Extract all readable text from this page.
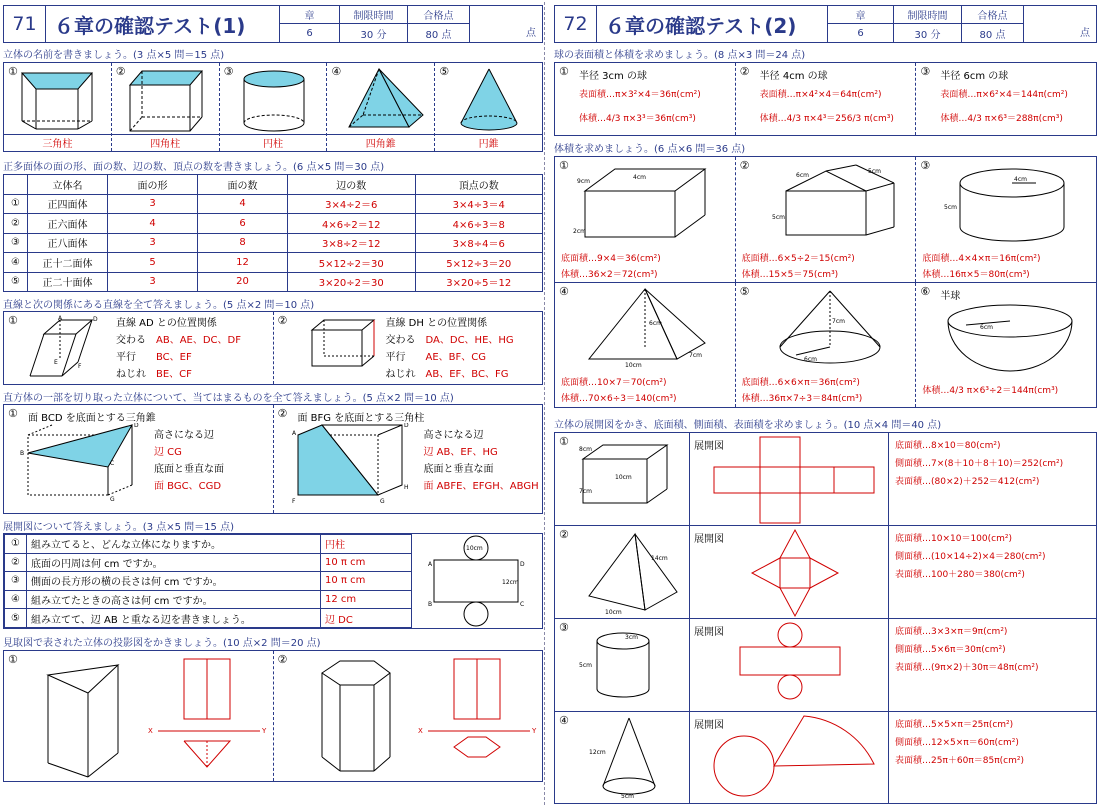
71 ６章の確認テスト(1)	章
6
制限時間
30 分
合格点
80 点	点
立体の名前を書きましょう。(3 点×5 問＝15 点)
①
三角柱
②
四角柱
③
円柱
④
四角錐
⑤
円錐
正多面体の面の形、面の数、辺の数、頂点の数を書きましょう。(6 点×5 問＝30 点)
	立体名	面の形	面の数	辺の数	頂点の数
①	正四面体	3	4	3×4÷2＝6	3×4÷3＝4
②	正六面体	4	6	4×6÷2＝12	4×6÷3＝8
③	正八面体	3	8	3×8÷2＝12	3×8÷4＝6
④	正十二面体	5	12	5×12÷2＝30	5×12÷3＝20
⑤	正二十面体	3	20	3×20÷2＝30	3×20÷5＝12
直線と次の関係にある直線を全て答えましょう。(5 点×2 問＝10 点)
①	A	D
E
F
直線 AD との位置関係
交わる　 AB、AE、DC、DF
平行　　 BC、EF
ねじれ　 BE、CF
②	直線 DH との位置関係
交わる　 DA、DC、HE、HG
平行　　 AE、BF、CG
ねじれ　 AB、EF、BC、FG
直方体の一部を切り取った立体について、当てはまるものを全て答えましょう。(5 点×2 問＝10 点)
① 面 BCD を底面とする三角錐
B
D
C
G
高さになる辺
辺 CG
底面と垂直な面
面 BGC、CGD
② 面 BFG を底面とする三角柱
A
D
F	G
H
高さになる辺
辺 AB、EF、HG
底面と垂直な面
面 ABFE、EFGH、ABGH
展開図について答えましょう。(3 点×5 問＝15 点)
①	組み立てると、どんな立体になりますか。	円柱
②	底面の円周は何 cm ですか。	10 π cm
③	側面の長方形の横の長さは何 cm ですか。	10 π cm
④	組み立てたときの高さは何 cm ですか。	12 cm
⑤	組み立てて、辺 AB と重なる辺を書きましょう。	辺 DC
10cm
12cm
A
B
D
C
見取図で表された立体の投影図をかきましょう。(10 点×2 問＝20 点)
①
X	Y
②
X	Y
72 ６章の確認テスト(2)	章
6
制限時間
30 分
合格点
80 点	点
球の表面積と体積を求めましょう。(8 点×3 問＝24 点)
① 半径 3cm の球
表面積…π×3²×4＝36π(cm²)
体積…4/3 π×3³＝36π(cm³)
② 半径 4cm の球
表面積…π×4²×4＝64π(cm²)
体積…4/3 π×4³＝256/3 π(cm³)
③ 半径 6cm の球
表面積…π×6²×4＝144π(cm²)
体積…4/3 π×6³＝288π(cm³)
体積を求めましょう。(6 点×6 問＝36 点)
①
4cm
9cm
2cm
底面積…9×4＝36(cm²)
体積…36×2＝72(cm³)
②
6cm
5cm
5cm
底面積…6×5÷2＝15(cm²)
体積…15×5＝75(cm³)
③
4cm
5cm
底面積…4×4×π＝16π(cm²)
体積…16π×5＝80π(cm³)
④
6cm
10cm
7cm
底面積…10×7＝70(cm²)
体積…70×6÷3＝140(cm³)
⑤
7cm
6cm
底面積…6×6×π＝36π(cm²)
体積…36π×7÷3＝84π(cm³)
⑥ 半球
6cm
体積…4/3 π×6³÷2＝144π(cm³)
立体の展開図をかき、底面積、側面積、表面積を求めましょう。(10 点×4 問＝40 点)
①
8cm
10cm
7cm
展開図	底面積…8×10＝80(cm²)
側面積…7×(8＋10＋8＋10)＝252(cm²)
表面積…(80×2)＋252＝412(cm²)
②
14cm
10cm
展開図	底面積…10×10＝100(cm²)
側面積…(10×14÷2)×4＝280(cm²)
表面積…100＋280＝380(cm²)
③
3cm
5cm
展開図	底面積…3×3×π＝9π(cm²)
側面積…5×6π＝30π(cm²)
表面積…(9π×2)＋30π＝48π(cm²)
④
12cm
5cm
展開図	底面積…5×5×π＝25π(cm²)
側面積…12×5×π＝60π(cm²)
表面積…25π＋60π＝85π(cm²)
